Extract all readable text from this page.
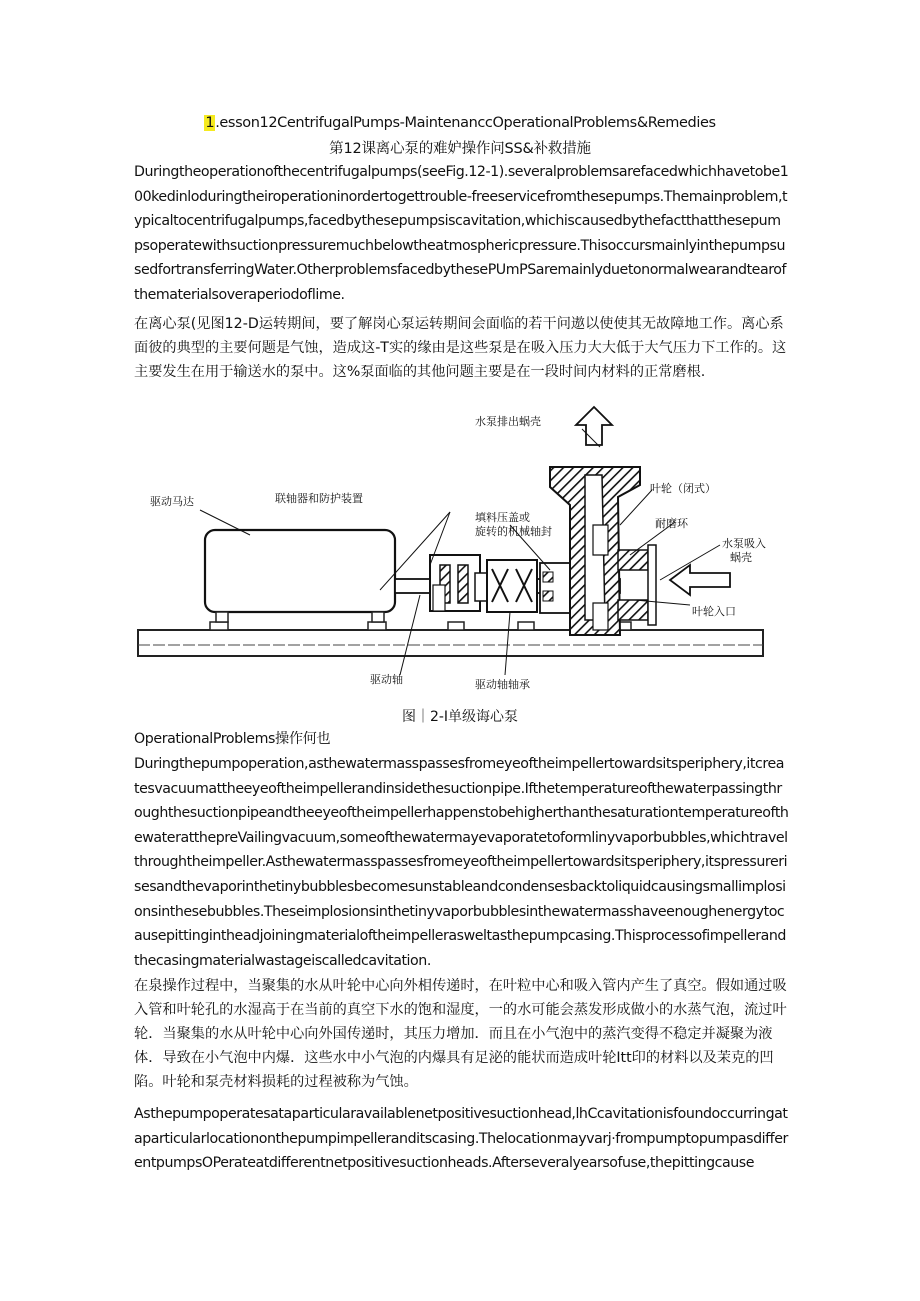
1.esson12CentrifugalPumps-MaintenanccOperationalProblems&Remedies
第12课离心泵的难妒操作问SS&补救措施

Duringtheoperationofthecentrifugalpumps(seeFig.12-1).severalproblemsarefacedwhichhavetobe100kedinloduringtheiroperationinordertogettrouble-freeservicefromthesepumps.Themainproblem,typicaltocentrifugalpumps,facedbythesepumpsiscavitation,whichiscausedbythefactthatthesepumpsoperatewithsuctionpressuremuchbelowtheatmosphericpressure.ThisoccursmainlyinthepumpsusedfortransferringWater.OtherproblemsfacedbythesePUmPSaremainlyduetonormalwearandtearofthematerialsoveraperiodoflime.

在离心泵(见图12-D运转期间，要了解岗心泵运转期间会面临的若干问遨以使使其无故障地工作。离心系面彼的典型的主要何题是气蚀，造成这-T实的缘由是这些泵是在吸入压力大大低于大气压力下工作的。这主要发生在用于输送水的泵中。这%泵面临的其他问题主要是在一段时间内材料的正常磨根.

水泵排出蜗壳
叶轮（闭式）
驱动马达	联轴器和防护装置
填料压盖或
旋转的机械轴封
耐磨环
水泵吸入
蜗壳
叶轮入口
驱动轴	驱动轴轴承
图｜2-I单级诲心泵
OperationalProblems操作何也

Duringthepumpoperation,asthewatermasspassesfromeyeoftheimpellertowardsitsperiphery,itcreatesvacuumattheeyeoftheimpellerandinsidethesuctionpipe.IfthetemperatureofthewaterpassingthroughthesuctionpipeandtheeyeoftheimpellerhappenstobehigherthanthesaturationtemperatureofthewateratthepreVailingvacuum,someofthewatermayevaporatetoformlinyvaporbubbles,whichtravelthroughtheimpeller.Asthewatermasspassesfromeyeoftheimpellertowardsitsperiphery,itspressurerisesandthevaporinthetinybubblesbecomesunstableandcondensesbacktoliquidcausingsmallimplosionsinthesebubbles.Theseimplosionsinthetinyvaporbubblesinthewatermasshaveenoughenergytocausepittingintheadjoiningmaterialoftheimpellerasweltasthepumpcasing.Thisprocessofimpellerandthecasingmaterialwastageiscalledcavitation.

在泉操作过程中，当聚集的水从叶轮中心向外相传递时，在叶粒中心和吸入管内产生了真空。假如通过吸入管和叶轮孔的水湿高于在当前的真空下水的饱和湿度，一的水可能会蒸发形成做小的水蒸气泡，流过叶轮．当聚集的水从叶轮中心向外国传递时，其压力增加．而且在小气泡中的蒸汽变得不稳定并凝聚为液体．导致在小气泡中内爆．这些水中小气泡的内爆具有足泌的能状而造成叶轮Itt印的材料以及茉克的凹陷。叶轮和泵壳材料损耗的过程被称为气蚀。

Asthepumpoperatesataparticularavailablenetpositivesuctionhead,lhCcavitationisfoundoccurringataparticularlocationonthepumpimpelleranditscasing.Thelocationmayvarj·frompumptopumpasdifferentpumpsOPerateatdifferentnetpositivesuctionheads.Afterseveralyearsofuse,thepittingcause
